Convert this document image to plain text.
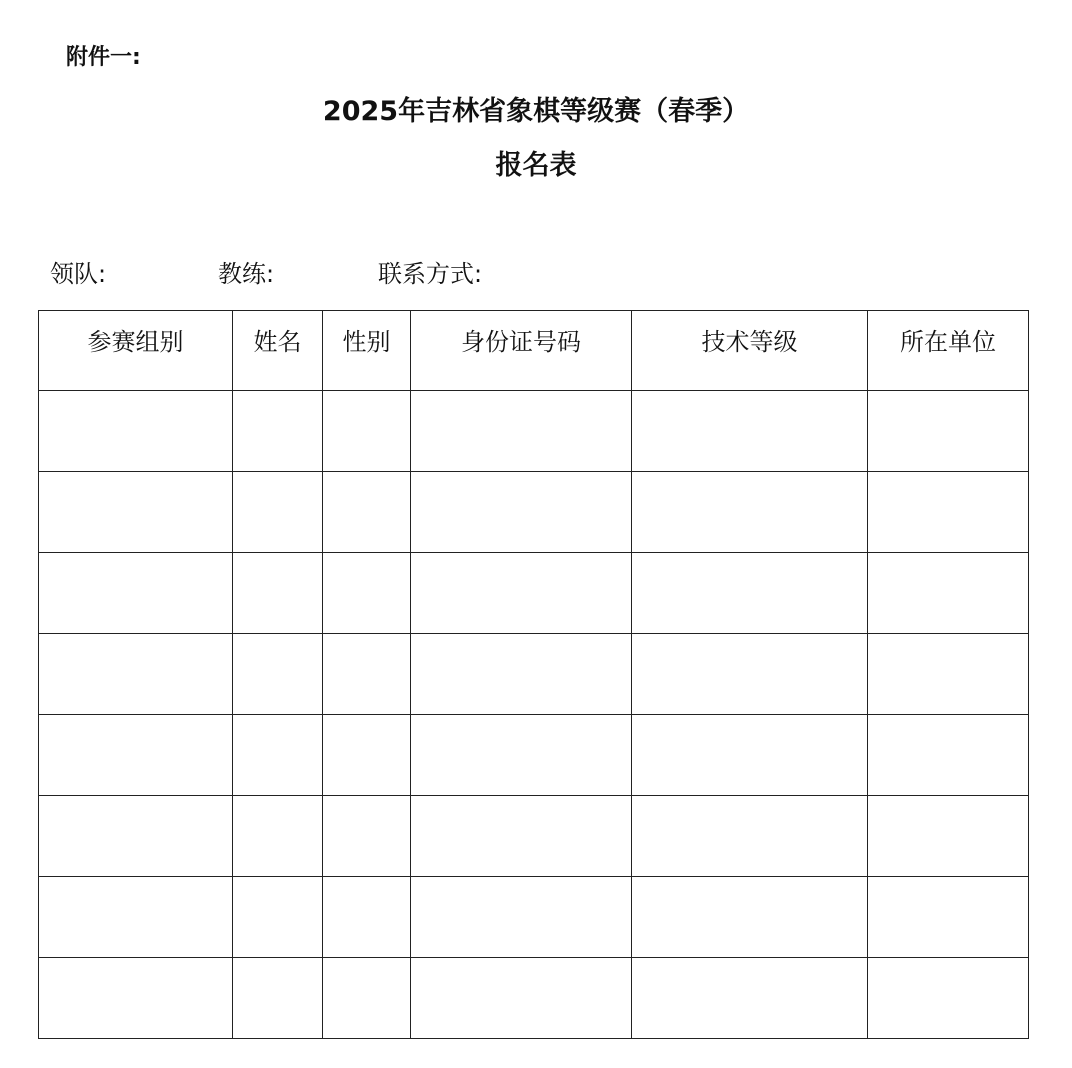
附件一:
2025年吉林省象棋等级赛（春季）
报名表
领队:	教练:	联系方式:
参赛组别	姓名	性别	身份证号码	技术等级	所在单位
